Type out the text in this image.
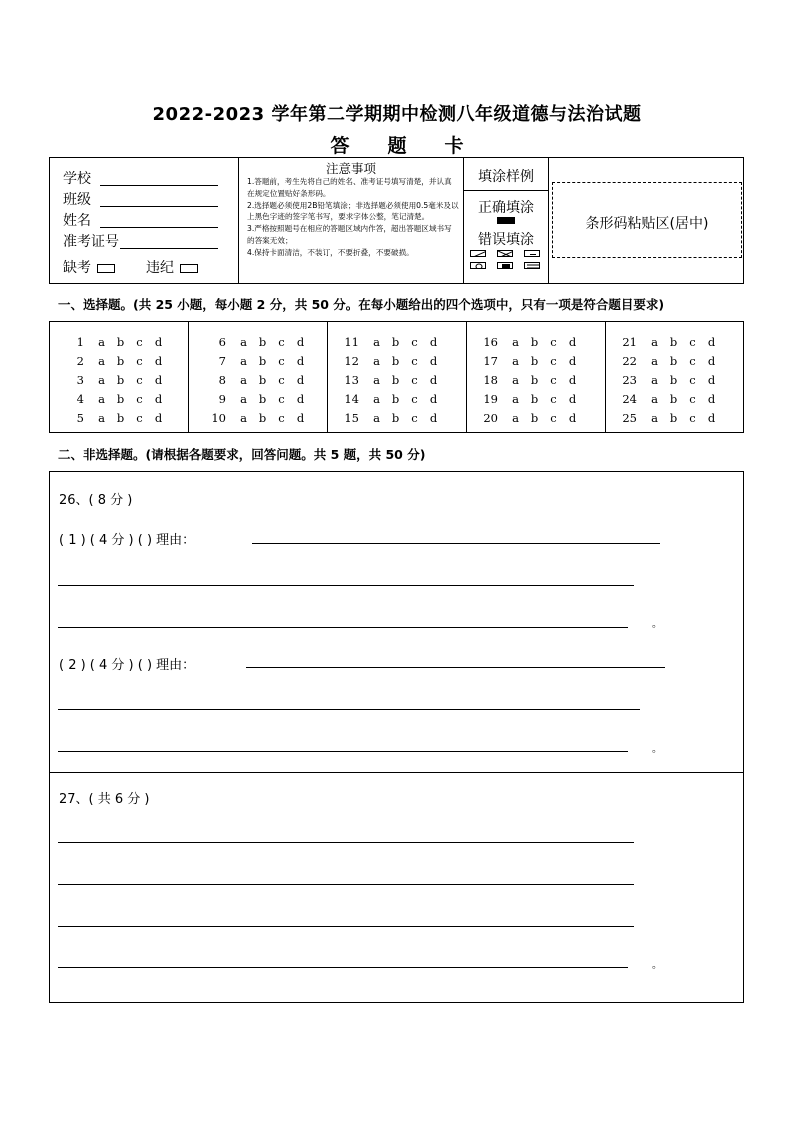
2022-2023 学年第二学期期中检测八年级道德与法治试题
答题卡
学校
班级
姓名
准考证号
缺考	违纪
注意事项

1.答题前，考生先将自己的姓名、准考证号填写清楚，并认真在规定位置贴好条形码。

2.选择题必须使用2B铅笔填涂；非选择题必须使用0.5毫米及以上黑色字迹的签字笔书写，要求字体公整，笔记清楚。

3.严格按照题号在相应的答题区域内作答，超出答题区域书写的答案无效；

4.保持卡面清洁，不装订，不要折叠，不要破损。

填涂样例
正确填涂
错误填涂
条形码粘贴区(居中)
一、选择题。(共 25 小题，每小题 2 分，共 50 分。在每小题给出的四个选项中，只有一项是符合题目要求)
1 a b c d
2 a b c d
3 a b c d
4 a b c d
5 a b c d
6 a b c d
7 a b c d
8 a b c d
9 a b c d
10 a b c d
11 a b c d
12 a b c d
13 a b c d
14 a b c d
15 a b c d
16 a b c d
17 a b c d
18 a b c d
19 a b c d
20 a b c d
21 a b c d
22 a b c d
23 a b c d
24 a b c d
25 a b c d
二、非选择题。(请根据各题要求，回答问题。共 5 题，共 50 分)
26、( 8 分 )
( 1 ) ( 4 分 ) ( ) 理由：
。
( 2 ) ( 4 分 ) ( ) 理由：
。
27、( 共 6 分 )
。
